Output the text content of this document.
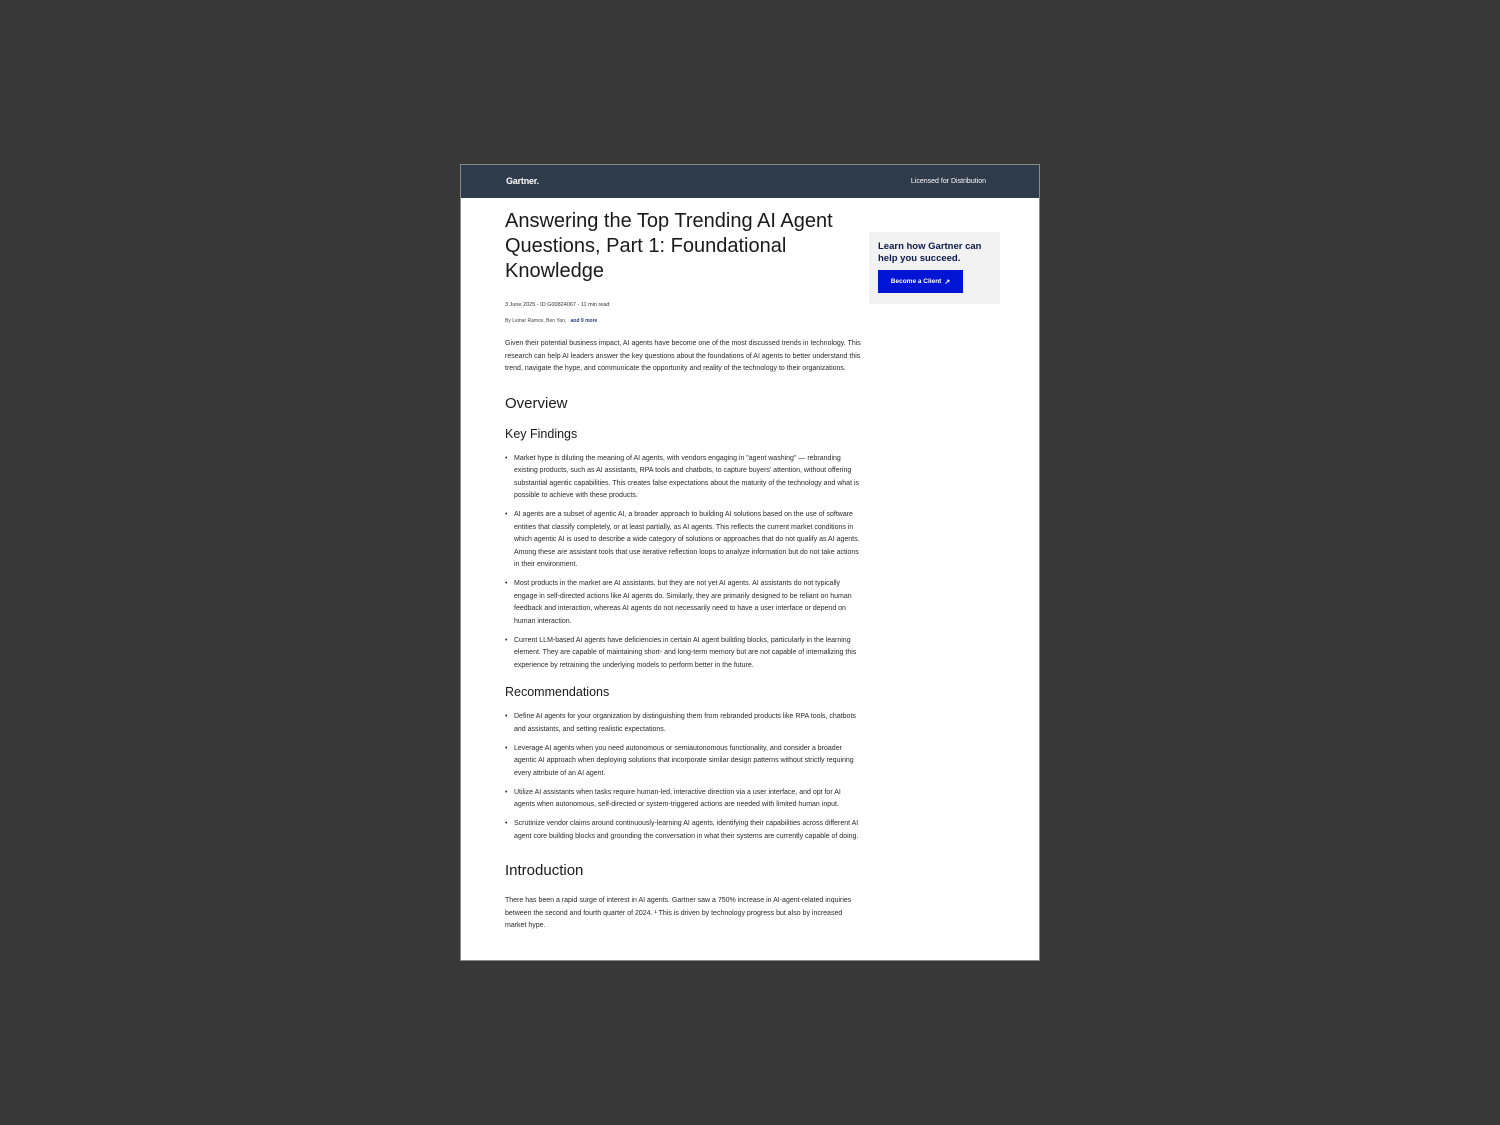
Gartner.	Licensed for Distribution
Answering the Top Trending AI Agent Questions, Part 1: Foundational Knowledge
3 June 2025 - ID G00824067 - 11 min read
By Leinar Ramos, Ben Yan, and 9 more

Given their potential business impact, AI agents have become one of the most discussed trends in technology. This research can help AI leaders answer the key questions about the foundations of AI agents to better understand this trend, navigate the hype, and communicate the opportunity and reality of the technology to their organizations.

Overview
Key Findings
• Market hype is diluting the meaning of AI agents, with vendors engaging in "agent washing" — rebranding existing products, such as AI assistants, RPA tools and chatbots, to capture buyers' attention, without offering substantial agentic capabilities. This creates false expectations about the maturity of the technology and what is possible to achieve with these products.
• AI agents are a subset of agentic AI, a broader approach to building AI solutions based on the use of software entities that classify completely, or at least partially, as AI agents. This reflects the current market conditions in which agentic AI is used to describe a wide category of solutions or approaches that do not qualify as AI agents. Among these are assistant tools that use iterative reflection loops to analyze information but do not take actions in their environment.
• Most products in the market are AI assistants, but they are not yet AI agents. AI assistants do not typically engage in self-directed actions like AI agents do. Similarly, they are primarily designed to be reliant on human feedback and interaction, whereas AI agents do not necessarily need to have a user interface or depend on human interaction.
• Current LLM-based AI agents have deficiencies in certain AI agent building blocks, particularly in the learning element. They are capable of maintaining short- and long-term memory but are not capable of internalizing this experience by retraining the underlying models to perform better in the future.
Recommendations
• Define AI agents for your organization by distinguishing them from rebranded products like RPA tools, chatbots and assistants, and setting realistic expectations.
• Leverage AI agents when you need autonomous or semiautonomous functionality, and consider a broader agentic AI approach when deploying solutions that incorporate similar design patterns without strictly requiring every attribute of an AI agent.
• Utilize AI assistants when tasks require human-led, interactive direction via a user interface, and opt for AI agents when autonomous, self-directed or system-triggered actions are needed with limited human input.
• Scrutinize vendor claims around continuously-learning AI agents, identifying their capabilities across different AI agent core building blocks and grounding the conversation in what their systems are currently capable of doing.
Introduction

There has been a rapid surge of interest in AI agents. Gartner saw a 750% increase in AI-agent-related inquiries between the second and fourth quarter of 2024. ¹ This is driven by technology progress but also by increased market hype.

Learn how Gartner can help you succeed.
Become a Client ↗
